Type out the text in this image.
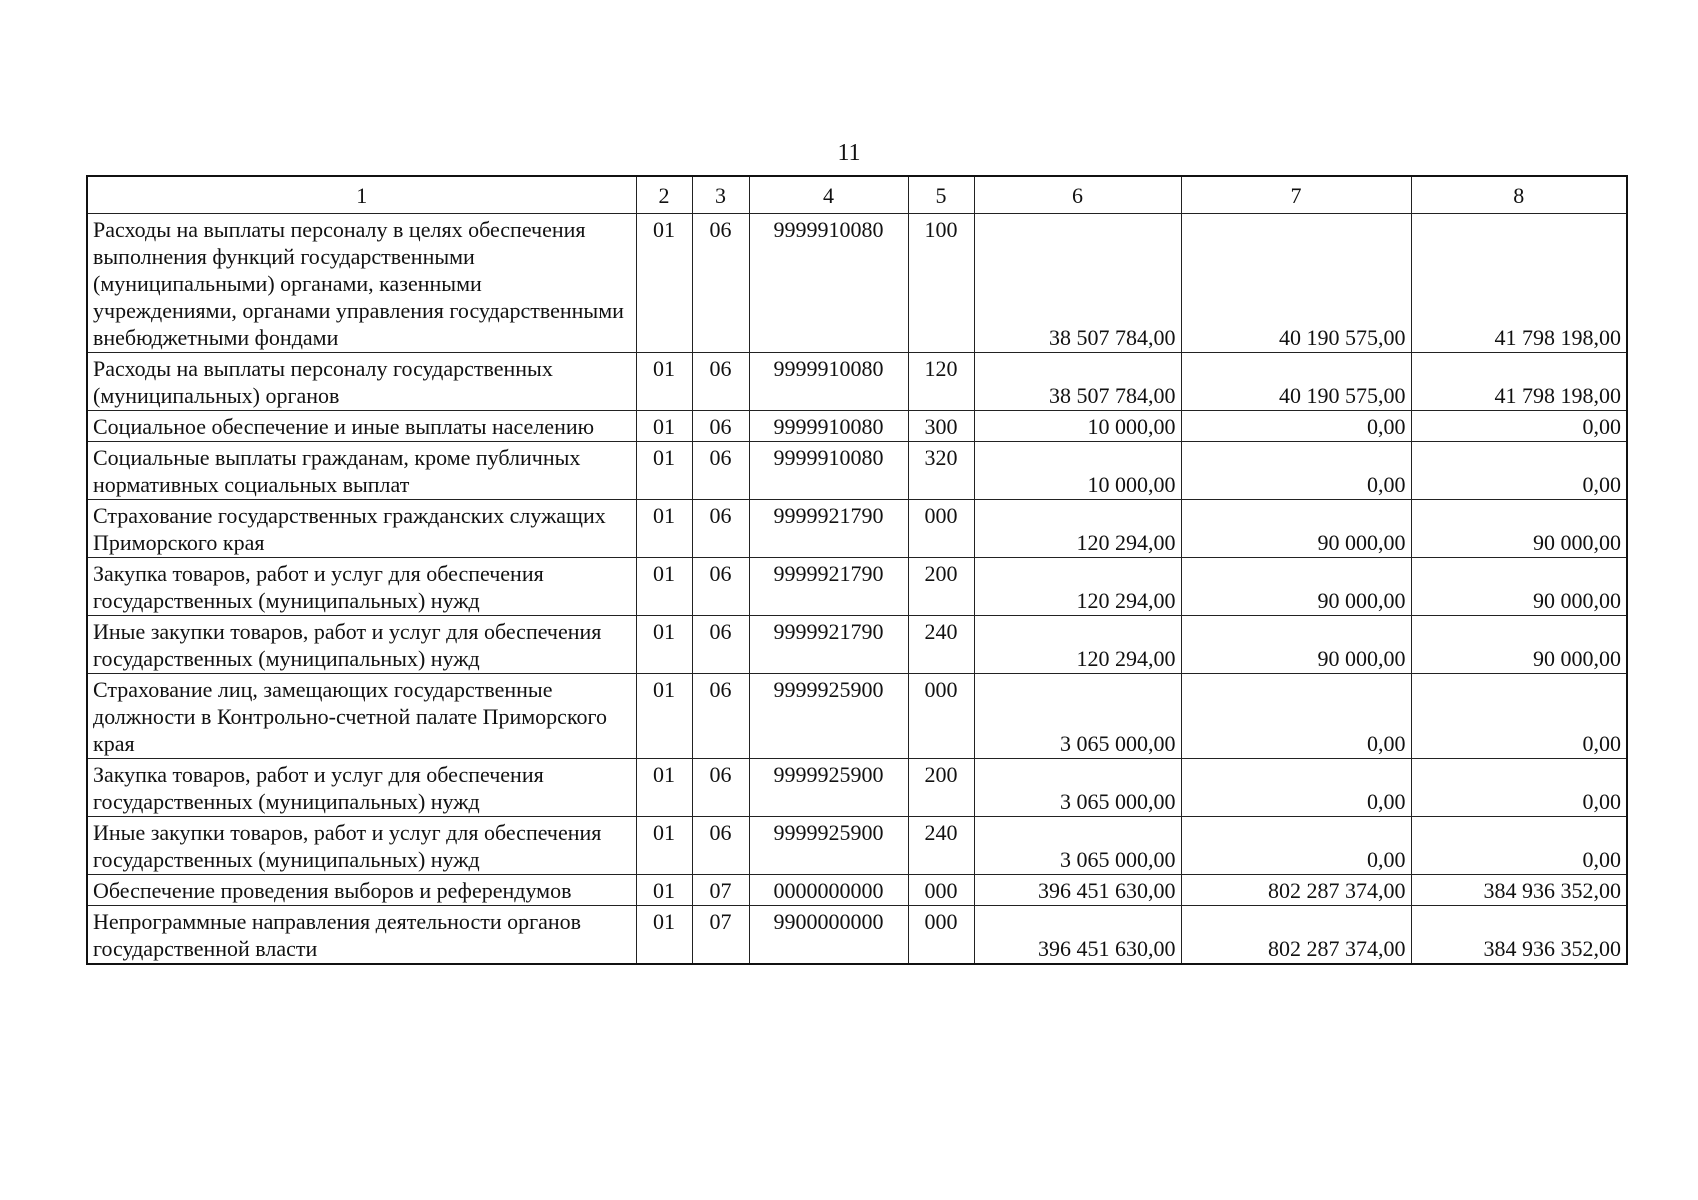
11
1	2	3	4	5	6	7	8
Расходы на выплаты персоналу в целях обеспечения выполнения функций государственными (муниципальными) органами, казенными учреждениями, органами управления государственными внебюджетными фондами	01	06	9999910080	100	38 507 784,00	40 190 575,00	41 798 198,00
Расходы на выплаты персоналу государственных (муниципальных) органов	01	06	9999910080	120	38 507 784,00	40 190 575,00	41 798 198,00
Социальное обеспечение и иные выплаты населению	01	06	9999910080	300	10 000,00	0,00	0,00
Социальные выплаты гражданам, кроме публичных нормативных социальных выплат	01	06	9999910080	320	10 000,00	0,00	0,00
Страхование государственных гражданских служащих Приморского края	01	06	9999921790	000	120 294,00	90 000,00	90 000,00
Закупка товаров, работ и услуг для обеспечения государственных (муниципальных) нужд	01	06	9999921790	200	120 294,00	90 000,00	90 000,00
Иные закупки товаров, работ и услуг для обеспечения государственных (муниципальных) нужд	01	06	9999921790	240	120 294,00	90 000,00	90 000,00
Страхование лиц, замещающих государственные должности в Контрольно-счетной палате Приморского края	01	06	9999925900	000	3 065 000,00	0,00	0,00
Закупка товаров, работ и услуг для обеспечения государственных (муниципальных) нужд	01	06	9999925900	200	3 065 000,00	0,00	0,00
Иные закупки товаров, работ и услуг для обеспечения государственных (муниципальных) нужд	01	06	9999925900	240	3 065 000,00	0,00	0,00
Обеспечение проведения выборов и референдумов	01	07	0000000000	000	396 451 630,00	802 287 374,00	384 936 352,00
Непрограммные направления деятельности органов государственной власти	01	07	9900000000	000	396 451 630,00	802 287 374,00	384 936 352,00
